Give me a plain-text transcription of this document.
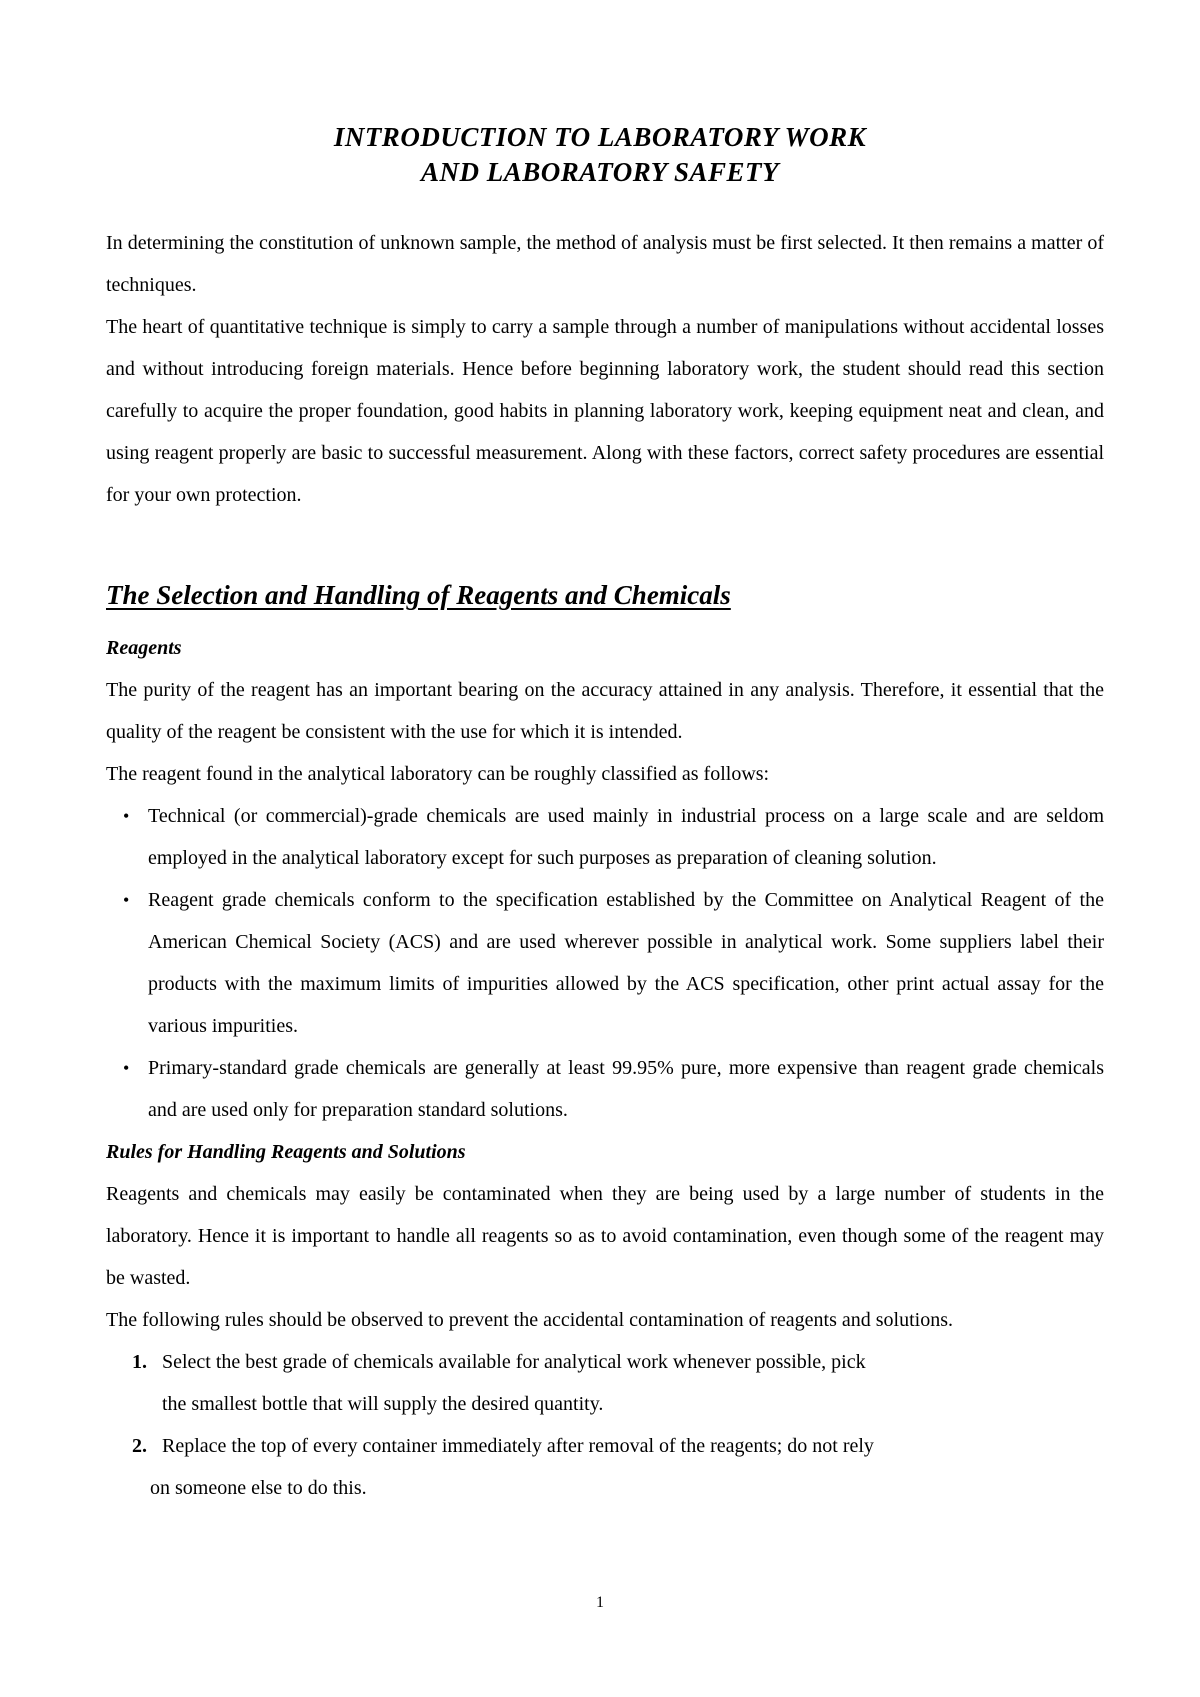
INTRODUCTION TO LABORATORY WORK
AND LABORATORY SAFETY

In determining the constitution of unknown sample, the method of analysis must be first selected. It then remains a matter of techniques.

The heart of quantitative technique is simply to carry a sample through a number of manipulations without accidental losses and without introducing foreign materials. Hence before beginning laboratory work, the student should read this section carefully to acquire the proper foundation, good habits in planning laboratory work, keeping equipment neat and clean, and using reagent properly are basic to successful measurement. Along with these factors, correct safety procedures are essential for your own protection.

The Selection and Handling of Reagents and Chemicals

Reagents

The purity of the reagent has an important bearing on the accuracy attained in any analysis. Therefore, it essential that the quality of the reagent be consistent with the use for which it is intended.

The reagent found in the analytical laboratory can be roughly classified as follows:

• Technical (or commercial)-grade chemicals are used mainly in industrial process on a large scale and are seldom employed in the analytical laboratory except for such purposes as preparation of cleaning solution.
• Reagent grade chemicals conform to the specification established by the Committee on Analytical Reagent of the American Chemical Society (ACS) and are used wherever possible in analytical work. Some suppliers label their products with the maximum limits of impurities allowed by the ACS specification, other print actual assay for the various impurities.
• Primary-standard grade chemicals are generally at least 99.95% pure, more expensive than reagent grade chemicals and are used only for preparation standard solutions.

Rules for Handling Reagents and Solutions

Reagents and chemicals may easily be contaminated when they are being used by a large number of students in the laboratory. Hence it is important to handle all reagents so as to avoid contamination, even though some of the reagent may be wasted.

The following rules should be observed to prevent the accidental contamination of reagents and solutions.

1. Select the best grade of chemicals available for analytical work whenever possible, pick
the smallest bottle that will supply the desired quantity.
2. Replace the top of every container immediately after removal of the reagents; do not rely
on someone else to do this.
1
